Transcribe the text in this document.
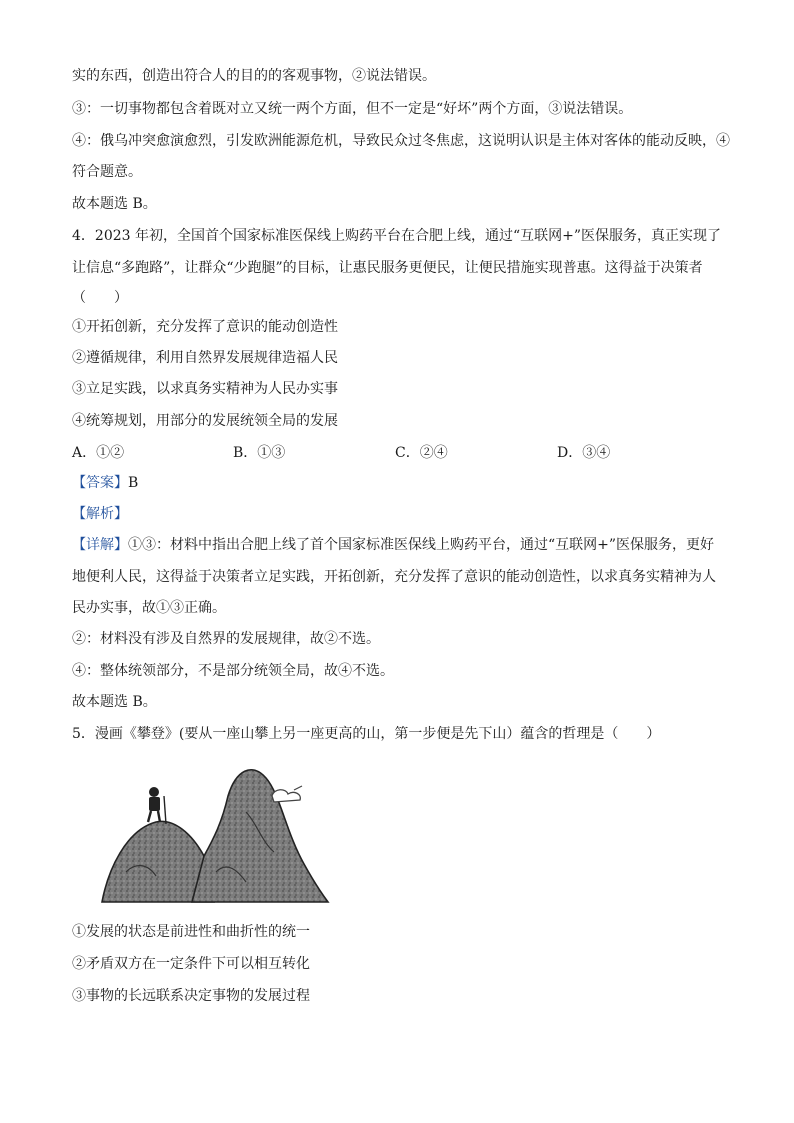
实的东西，创造出符合人的目的的客观事物，②说法错误。
③：一切事物都包含着既对立又统一两个方面，但不一定是“好坏”两个方面，③说法错误。
④：俄乌冲突愈演愈烈，引发欧洲能源危机，导致民众过冬焦虑，这说明认识是主体对客体的能动反映，④
符合题意。
故本题选 B。
4．2023 年初，全国首个国家标准医保线上购药平台在合肥上线，通过“互联网+”医保服务，真正实现了
让信息“多跑路”，让群众“少跑腿”的目标，让惠民服务更便民，让便民措施实现普惠。这得益于决策者
（　　）
①开拓创新，充分发挥了意识的能动创造性
②遵循规律，利用自然界发展规律造福人民
③立足实践，以求真务实精神为人民办实事
④统筹规划，用部分的发展统领全局的发展
A．①②	B．①③	C．②④	D．③④
【答案】B
【解析】
【详解】①③：材料中指出合肥上线了首个国家标准医保线上购药平台，通过“互联网+”医保服务，更好
地便利人民，这得益于决策者立足实践，开拓创新，充分发挥了意识的能动创造性，以求真务实精神为人
民办实事，故①③正确。
②：材料没有涉及自然界的发展规律，故②不选。
④：整体统领部分，不是部分统领全局，故④不选。
故本题选 B。
5．漫画《攀登》(要从一座山攀上另一座更高的山，第一步便是先下山）蕴含的哲理是（　　）
①发展的状态是前进性和曲折性的统一
②矛盾双方在一定条件下可以相互转化
③事物的长远联系决定事物的发展过程
